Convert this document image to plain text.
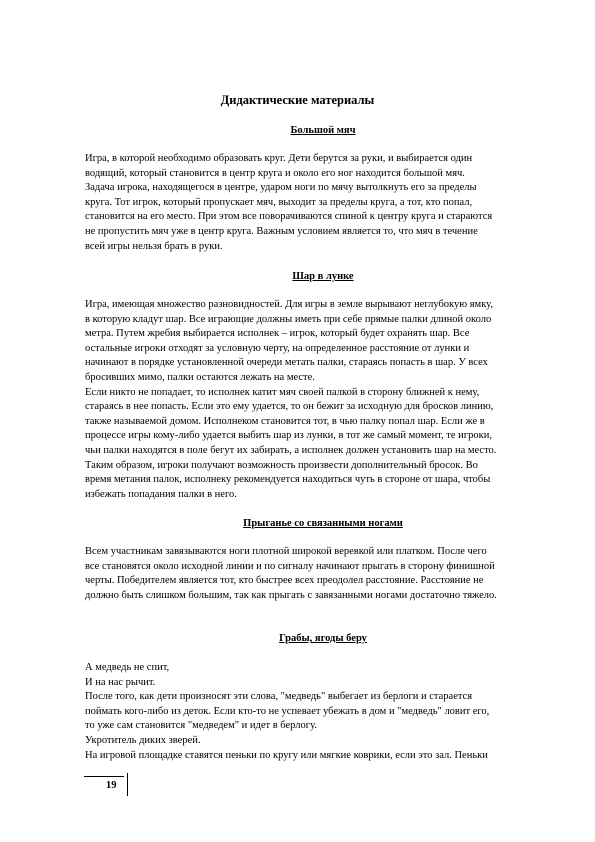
Дидактические материалы
Большой мяч
Игра, в которой необходимо образовать круг. Дети берутся за руки, и выбирается один
водящий, который становится в центр круга и около его ног находится большой мяч.
Задача игрока, находящегося в центре, ударом ноги по мячу вытолкнуть его за пределы
круга. Тот игрок, который пропускает мяч, выходит за пределы круга, а тот, кто попал,
становится на его место. При этом все поворачиваются спиной к центру круга и стараются
не пропустить мяч уже в центр круга. Важным условием является то, что мяч в течение
всей игры нельзя брать в руки.
Шар в лунке
Игра, имеющая множество разновидностей. Для игры в земле вырывают неглубокую ямку,
в которую кладут шар. Все играющие должны иметь при себе прямые палки длиной около
метра. Путем жребия выбирается исполнек – игрок, который будет охранять шар. Все
остальные игроки отходят за условную черту, на определенное расстояние от лунки и
начинают в порядке установленной очереди метать палки, стараясь попасть в шар. У всех
бросивших мимо, палки остаются лежать на месте.
Если никто не попадает, то исполнек катит мяч своей палкой в сторону ближней к нему,
стараясь в нее попасть. Если это ему удается, то он бежит за исходную для бросков линию,
также называемой домом. Исполнеком становится тот, в чью палку попал шар. Если же в
процессе игры кому-либо удается выбить шар из лунки, в тот же самый момент, те игроки,
чьи палки находятся в поле бегут их забирать, а исполнек должен установить шар на место.
Таким образом, игроки получают возможность произвести дополнительный бросок. Во
время метания палок, исполнеку рекомендуется находиться чуть в стороне от шара, чтобы
избежать попадания палки в него.
Прыганье со связанными ногами
Всем участникам завязываются ноги плотной широкой веревкой или платком. После чего
все становятся около исходной линии и по сигналу начинают прыгать в сторону финишной
черты. Победителем является тот, кто быстрее всех преодолел расстояние. Расстояние не
должно быть слишком большим, так как прыгать с завязанными ногами достаточно тяжело.
Грабы, ягоды беру
А медведь не спит,
И на нас рычит.
После того, как дети произносят эти слова, "медведь" выбегает из берлоги и старается
поймать кого-либо из деток. Если кто-то не успевает убежать в дом и "медведь" ловит его,
то уже сам становится "медведем" и идет в берлогу.
Укротитель диких зверей.
На игровой площадке ставятся пеньки по кругу или мягкие коврики, если это зал. Пеньки
19
